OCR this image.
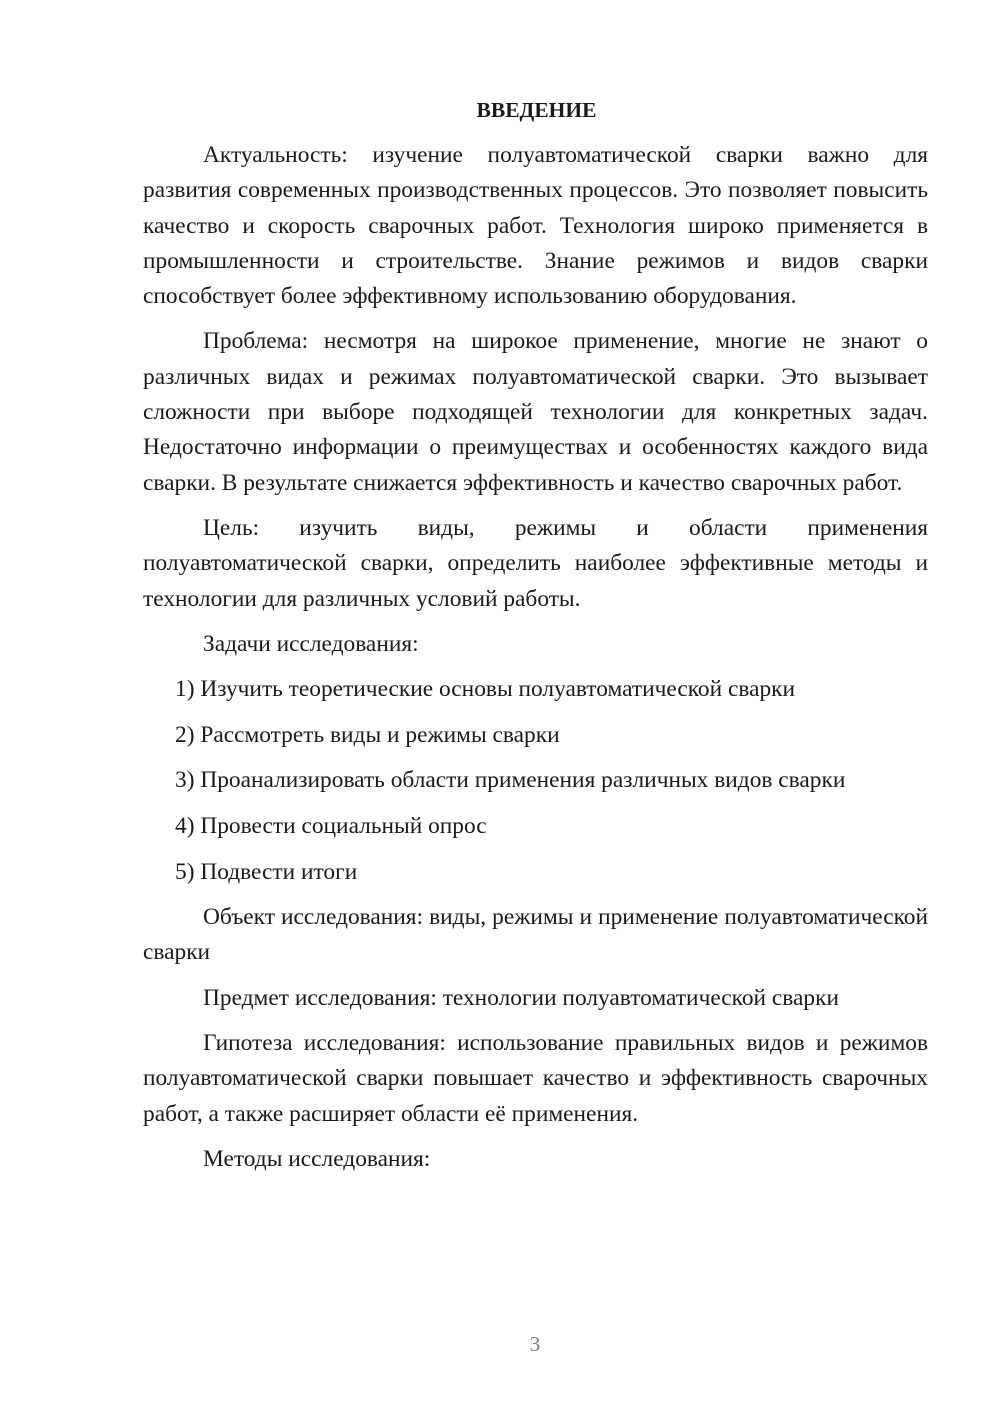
ВВЕДЕНИЕ

Актуальность: изучение полуавтоматической сварки важно для развития современных производственных процессов. Это позволяет повысить качество и скорость сварочных работ. Технология широко применяется в промышленности и строительстве. Знание режимов и видов сварки способствует более эффективному использованию оборудования.

Проблема: несмотря на широкое применение, многие не знают о различных видах и режимах полуавтоматической сварки. Это вызывает сложности при выборе подходящей технологии для конкретных задач. Недостаточно информации о преимуществах и особенностях каждого вида сварки. В результате снижается эффективность и качество сварочных работ.

Цель: изучить виды, режимы и области применения полуавтоматической сварки, определить наиболее эффективные методы и технологии для различных условий работы.

Задачи исследования:

1) Изучить теоретические основы полуавтоматической сварки
2) Рассмотреть виды и режимы сварки
3) Проанализировать области применения различных видов сварки
4) Провести социальный опрос
5) Подвести итоги

Объект исследования: виды, режимы и применение полуавтоматической сварки

Предмет исследования: технологии полуавтоматической сварки

Гипотеза исследования: использование правильных видов и режимов полуавтоматической сварки повышает качество и эффективность сварочных работ, а также расширяет области её применения.

Методы исследования:

3
